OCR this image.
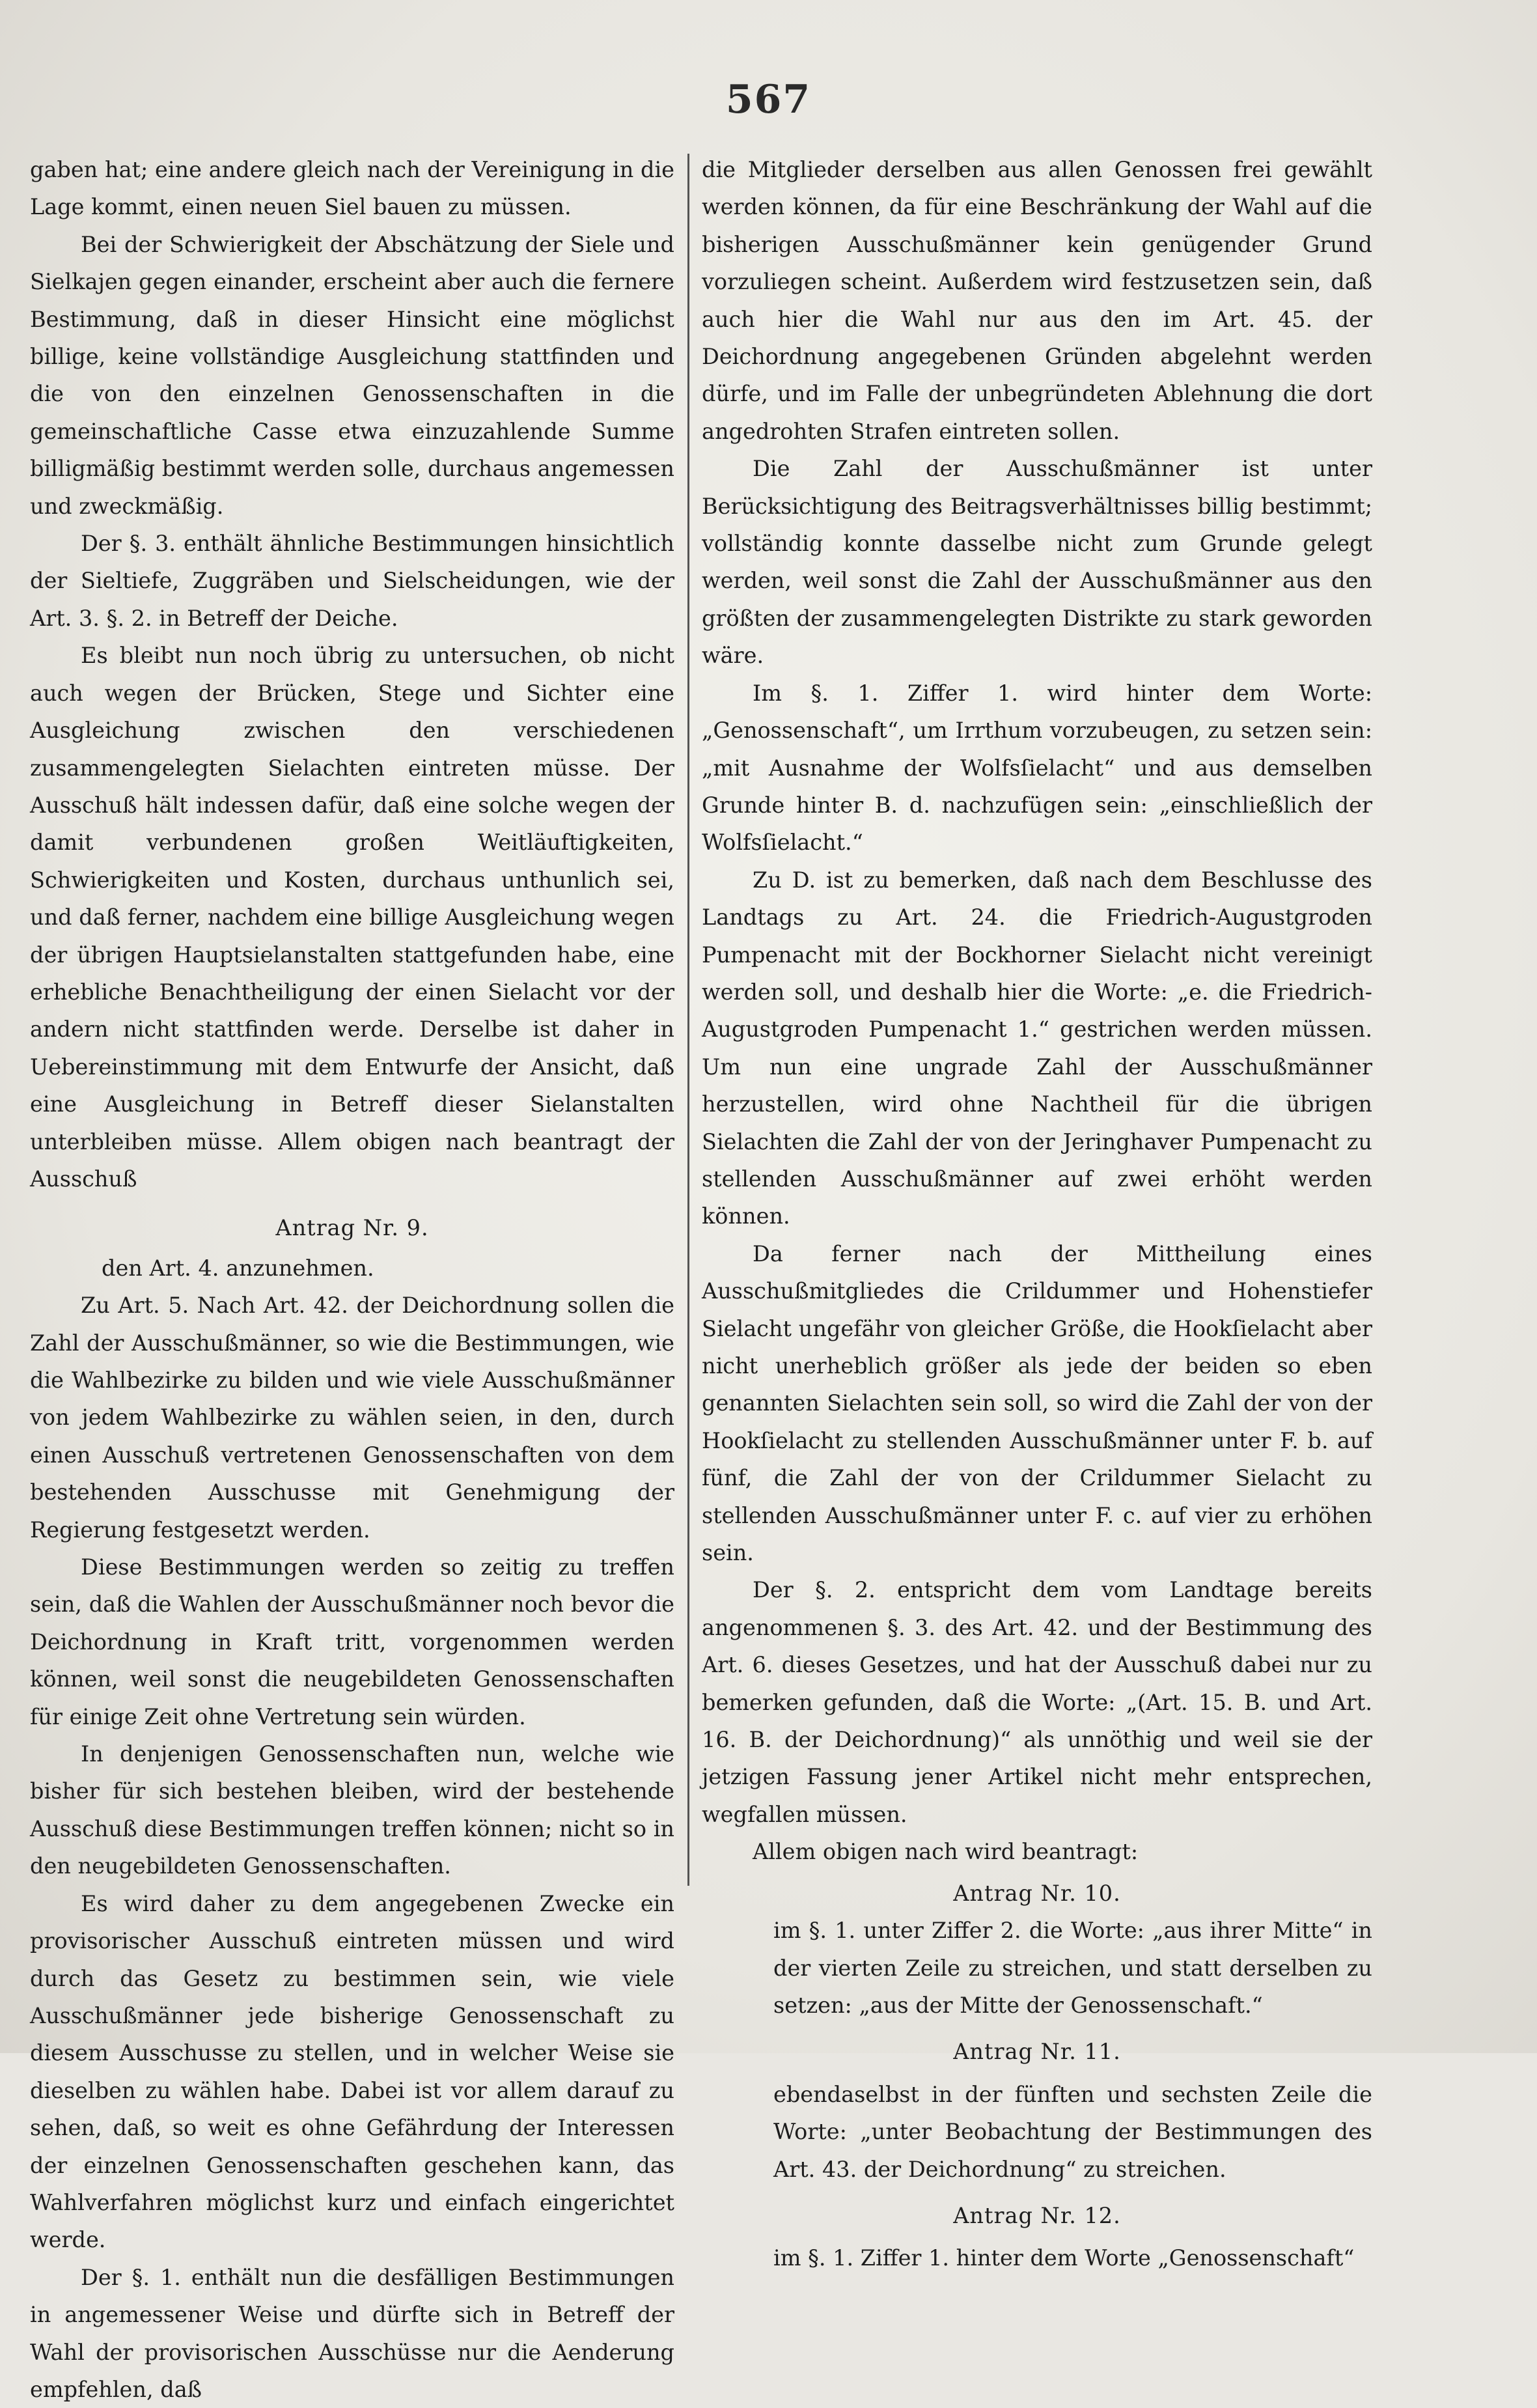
567

gaben hat; eine andere gleich nach der Vereinigung in die Lage kommt, einen neuen Siel bauen zu müssen.

Bei der Schwierigkeit der Abschätzung der Siele und Sielkajen gegen einander, erscheint aber auch die fernere Bestimmung, daß in dieser Hinsicht eine möglichst billige, keine vollständige Ausgleichung stattfinden und die von den einzelnen Genossenschaften in die gemeinschaftliche Casse etwa einzuzahlende Summe billigmäßig bestimmt werden solle, durchaus angemessen und zweckmäßig.

Der §. 3. enthält ähnliche Bestimmungen hinsichtlich der Sieltiefe, Zuggräben und Sielscheidungen, wie der Art. 3. §. 2. in Betreff der Deiche.

Es bleibt nun noch übrig zu untersuchen, ob nicht auch wegen der Brücken, Stege und Sichter eine Ausgleichung zwischen den verschiedenen zusammengelegten Sielachten eintreten müsse. Der Ausschuß hält indessen dafür, daß eine solche wegen der damit verbundenen großen Weitläuftigkeiten, Schwierigkeiten und Kosten, durchaus unthunlich sei, und daß ferner, nachdem eine billige Ausgleichung wegen der übrigen Hauptsielanstalten stattgefunden habe, eine erhebliche Benachtheiligung der einen Sielacht vor der andern nicht stattfinden werde. Derselbe ist daher in Uebereinstimmung mit dem Entwurfe der Ansicht, daß eine Ausgleichung in Betreff dieser Sielanstalten unterbleiben müsse. Allem obigen nach beantragt der Ausschuß

Antrag Nr. 9.

den Art. 4. anzunehmen.

Zu Art. 5. Nach Art. 42. der Deichordnung sollen die Zahl der Ausschußmänner, so wie die Bestimmungen, wie die Wahlbezirke zu bilden und wie viele Ausschußmänner von jedem Wahlbezirke zu wählen seien, in den, durch einen Ausschuß vertretenen Genossenschaften von dem bestehenden Ausschusse mit Genehmigung der Regierung festgesetzt werden.

Diese Bestimmungen werden so zeitig zu treffen sein, daß die Wahlen der Ausschußmänner noch bevor die Deichordnung in Kraft tritt, vorgenommen werden können, weil sonst die neugebildeten Genossenschaften für einige Zeit ohne Vertretung sein würden.

In denjenigen Genossenschaften nun, welche wie bisher für sich bestehen bleiben, wird der bestehende Ausschuß diese Bestimmungen treffen können; nicht so in den neugebildeten Genossenschaften.

Es wird daher zu dem angegebenen Zwecke ein provisorischer Ausschuß eintreten müssen und wird durch das Gesetz zu bestimmen sein, wie viele Ausschußmänner jede bisherige Genossenschaft zu diesem Ausschusse zu stellen, und in welcher Weise sie dieselben zu wählen habe. Dabei ist vor allem darauf zu sehen, daß, so weit es ohne Gefährdung der Interessen der einzelnen Genossenschaften geschehen kann, das Wahlverfahren möglichst kurz und einfach eingerichtet werde.

Der §. 1. enthält nun die desfälligen Bestimmungen in angemessener Weise und dürfte sich in Betreff der Wahl der provisorischen Ausschüsse nur die Aenderung empfehlen, daß

die Mitglieder derselben aus allen Genossen frei gewählt werden können, da für eine Beschränkung der Wahl auf die bisherigen Ausschußmänner kein genügender Grund vorzuliegen scheint. Außerdem wird festzusetzen sein, daß auch hier die Wahl nur aus den im Art. 45. der Deichordnung angegebenen Gründen abgelehnt werden dürfe, und im Falle der unbegründeten Ablehnung die dort angedrohten Strafen eintreten sollen.

Die Zahl der Ausschußmänner ist unter Berücksichtigung des Beitragsverhältnisses billig bestimmt; vollständig konnte dasselbe nicht zum Grunde gelegt werden, weil sonst die Zahl der Ausschußmänner aus den größten der zusammengelegten Distrikte zu stark geworden wäre.

Im §. 1. Ziffer 1. wird hinter dem Worte: „Genossenschaft“, um Irrthum vorzubeugen, zu setzen sein: „mit Ausnahme der Wolfsſielacht“ und aus demselben Grunde hinter B. d. nachzufügen sein: „einschließlich der Wolfsſielacht.“

Zu D. ist zu bemerken, daß nach dem Beschlusse des Landtags zu Art. 24. die Friedrich-Augustgroden Pumpenacht mit der Bockhorner Sielacht nicht vereinigt werden soll, und deshalb hier die Worte: „e. die Friedrich-Augustgroden Pumpenacht 1.“ gestrichen werden müssen. Um nun eine ungrade Zahl der Ausschußmänner herzustellen, wird ohne Nachtheil für die übrigen Sielachten die Zahl der von der Jeringhaver Pumpenacht zu stellenden Ausschußmänner auf zwei erhöht werden können.

Da ferner nach der Mittheilung eines Ausschußmitgliedes die Crildummer und Hohenstiefer Sielacht ungefähr von gleicher Größe, die Hookſielacht aber nicht unerheblich größer als jede der beiden so eben genannten Sielachten sein soll, so wird die Zahl der von der Hookſielacht zu stellenden Ausschußmänner unter F. b. auf fünf, die Zahl der von der Crildummer Sielacht zu stellenden Ausschußmänner unter F. c. auf vier zu erhöhen sein.

Der §. 2. entspricht dem vom Landtage bereits angenommenen §. 3. des Art. 42. und der Bestimmung des Art. 6. dieses Gesetzes, und hat der Ausschuß dabei nur zu bemerken gefunden, daß die Worte: „(Art. 15. B. und Art. 16. B. der Deichordnung)“ als unnöthig und weil sie der jetzigen Fassung jener Artikel nicht mehr entsprechen, wegfallen müssen.

Allem obigen nach wird beantragt:

Antrag Nr. 10.

im §. 1. unter Ziffer 2. die Worte: „aus ihrer Mitte“ in der vierten Zeile zu streichen, und statt derselben zu setzen: „aus der Mitte der Genossenschaft.“

Antrag Nr. 11.

ebendaselbst in der fünften und sechsten Zeile die Worte: „unter Beobachtung der Bestimmungen des Art. 43. der Deichordnung“ zu streichen.

Antrag Nr. 12.

im §. 1. Ziffer 1. hinter dem Worte „Genossenschaft“
